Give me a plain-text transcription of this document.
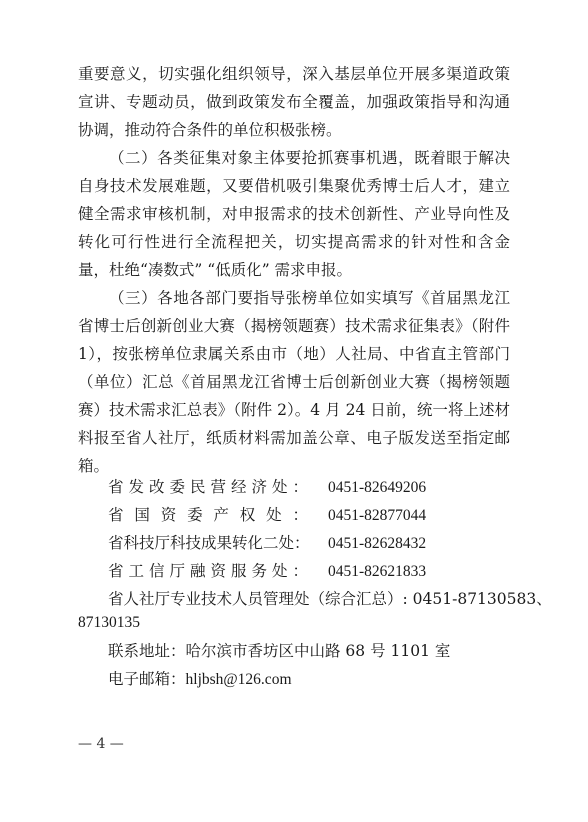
重要意义，切实强化组织领导，深入基层单位开展多渠道政策宣讲、专题动员，做到政策发布全覆盖，加强政策指导和沟通协调，推动符合条件的单位积极张榜。

（二）各类征集对象主体要抢抓赛事机遇，既着眼于解决自身技术发展难题，又要借机吸引集聚优秀博士后人才，建立健全需求审核机制，对申报需求的技术创新性、产业导向性及转化可行性进行全流程把关，切实提高需求的针对性和含金量，杜绝“凑数式” “低质化” 需求申报。

（三）各地各部门要指导张榜单位如实填写《首届黑龙江省博士后创新创业大赛（揭榜领题赛）技术需求征集表》（附件 1），按张榜单位隶属关系由市（地）人社局、中省直主管部门（单位）汇总《首届黑龙江省博士后创新创业大赛（揭榜领题赛）技术需求汇总表》（附件 2）。4 月 24 日前，统一将上述材料报至省人社厅，纸质材料需加盖公章、电子版发送至指定邮箱。

省发改委民营经济处： 0451-82649206
省国资委产权处： 0451-82877044
省科技厅科技成果转化二处： 0451-82628432
省工信厅融资服务处： 0451-82621833
省人社厅专业技术人员管理处（综合汇总）: 0451-87130583、
87130135
联系地址：哈尔滨市香坊区中山路 68 号 1101 室
电子邮箱：hljbsh@126.com
— 4 —
